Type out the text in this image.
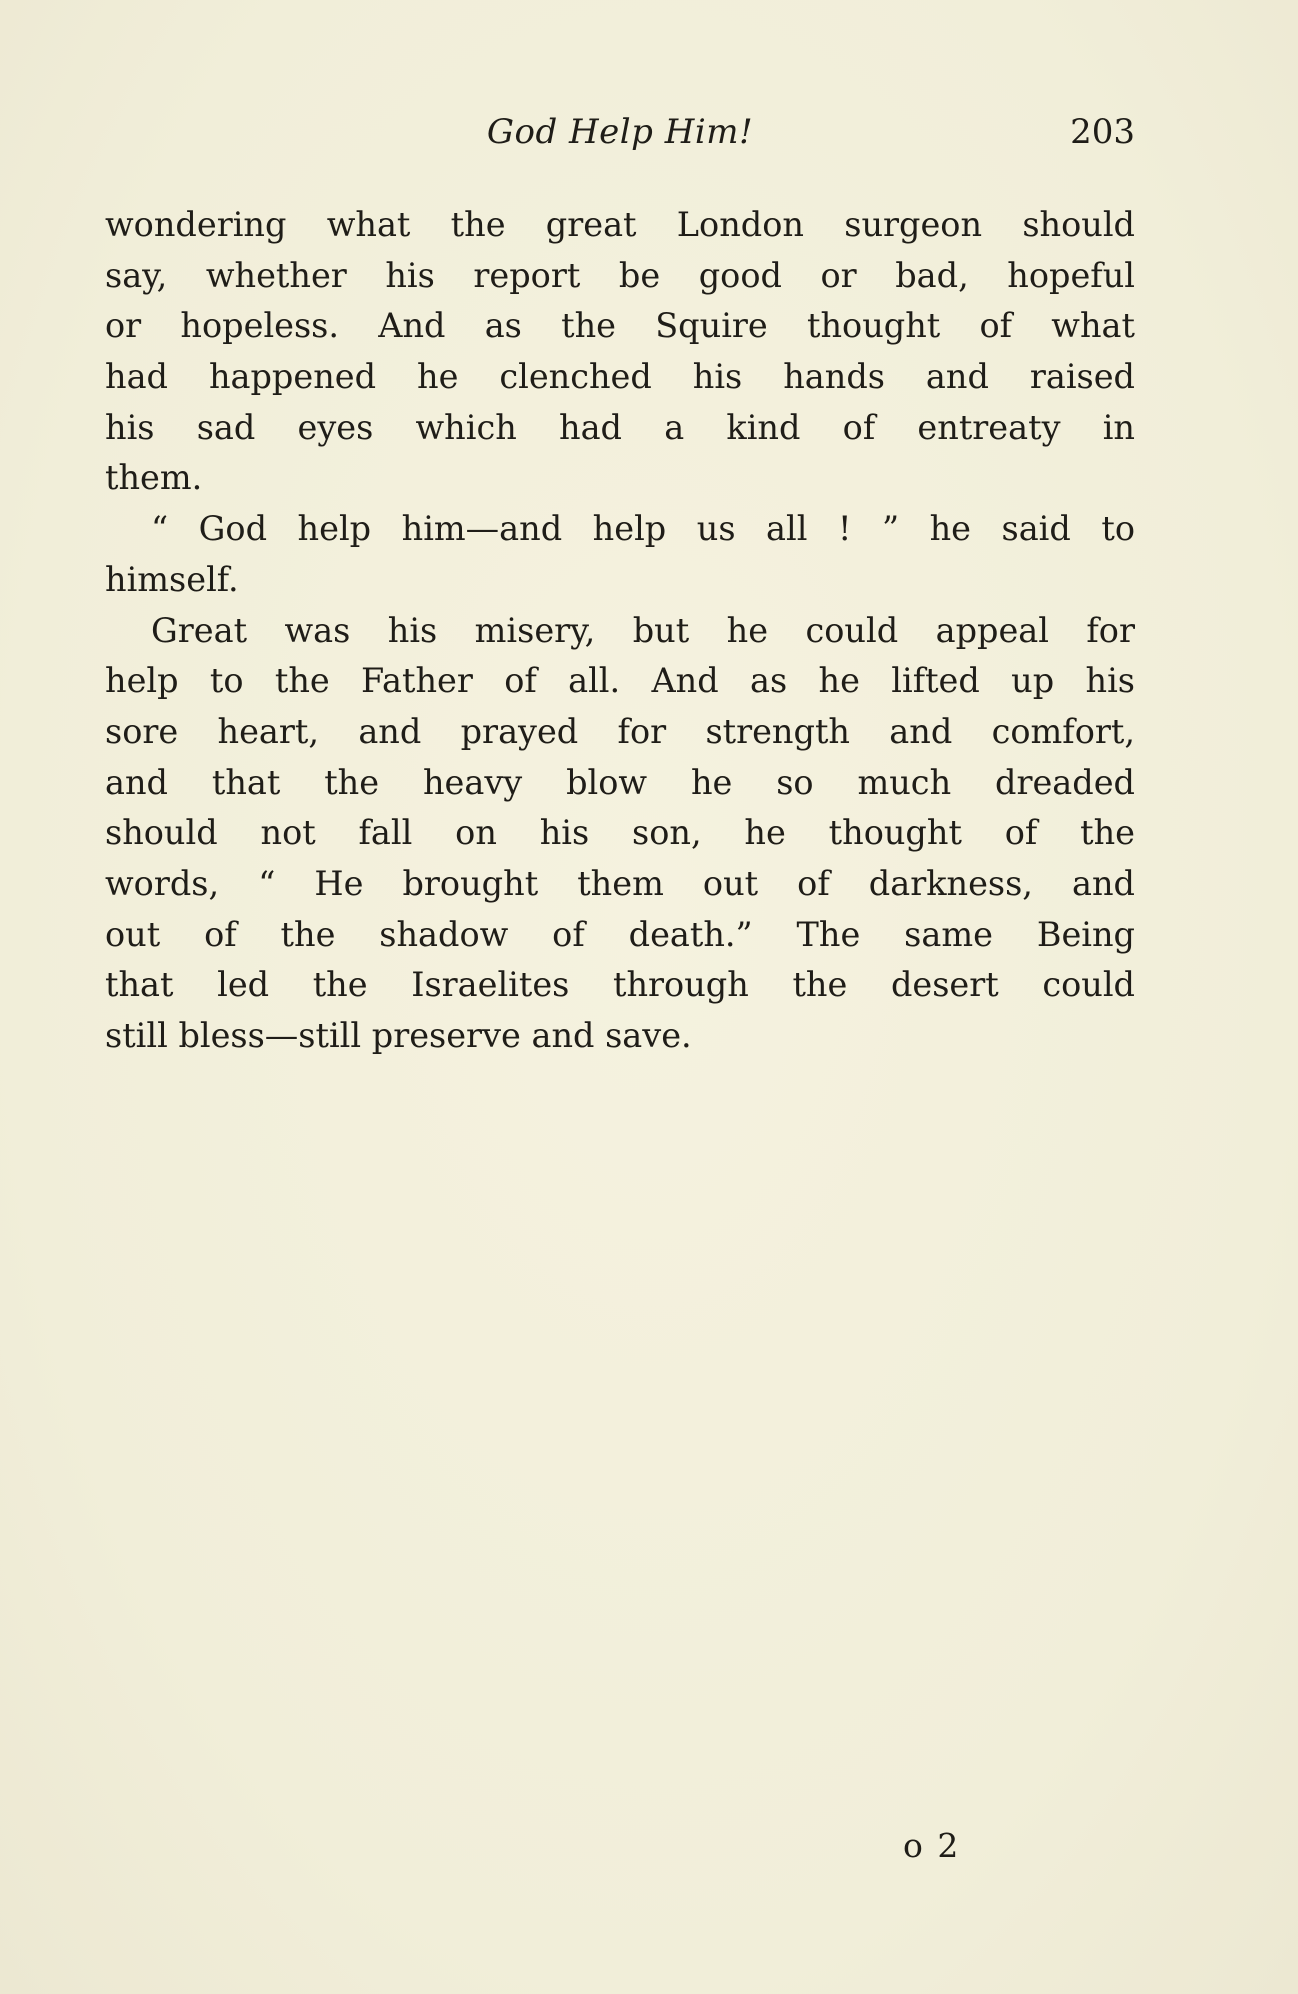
God Help Him!	203
wondering what the great London surgeon should
say, whether his report be good or bad, hopeful
or hopeless. And as the Squire thought of what
had happened he clenched his hands and raised
his sad eyes which had a kind of entreaty in
them.
“ God help him—and help us all ! ” he said to
himself.
Great was his misery, but he could appeal for
help to the Father of all. And as he lifted up his
sore heart, and prayed for strength and comfort,
and that the heavy blow he so much dreaded
should not fall on his son, he thought of the
words, “ He brought them out of darkness, and
out of the shadow of death.” The same Being
that led the Israelites through the desert could
still bless—still preserve and save.
o 2
